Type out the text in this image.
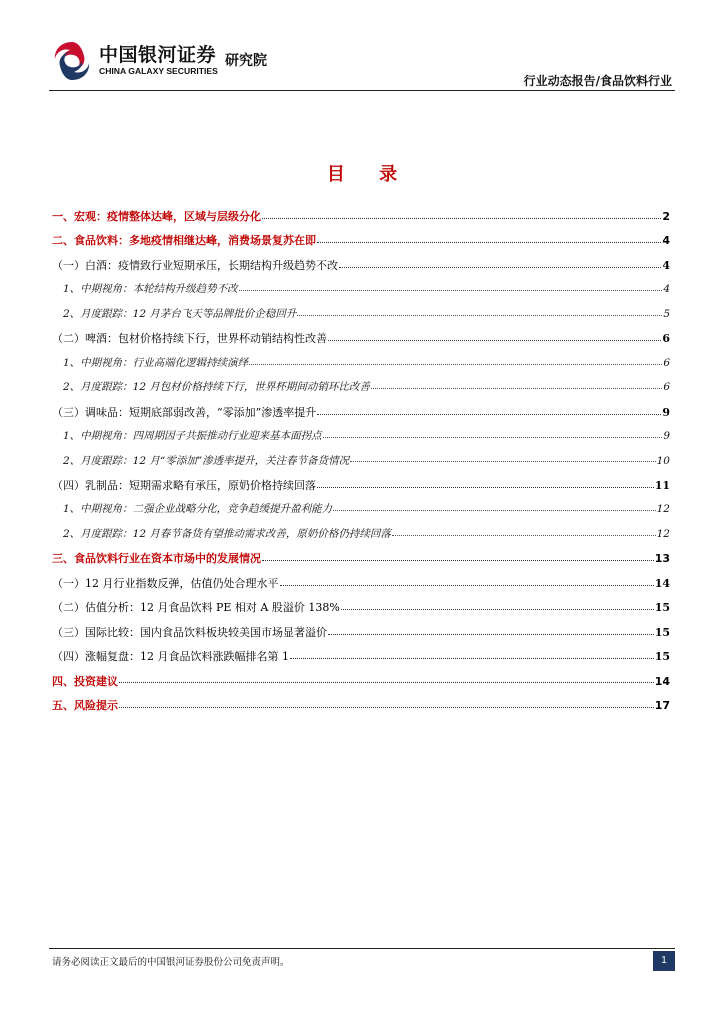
中国银河证券
CHINA GALAXY SECURITIES
研究院
行业动态报告/食品饮料行业
目 录
一、宏观：疫情整体达峰，区域与层级分化	2
二、食品饮料：多地疫情相继达峰，消费场景复苏在即	4
（一）白酒：疫情致行业短期承压，长期结构升级趋势不改	4
1、中期视角：本轮结构升级趋势不改	4
2、月度跟踪：12 月茅台飞天等品牌批价企稳回升	5
（二）啤酒：包材价格持续下行，世界杯动销结构性改善	6
1、中期视角：行业高端化逻辑持续演绎	6
2、月度跟踪：12 月包材价格持续下行，世界杯期间动销环比改善	6
（三）调味品：短期底部弱改善，“零添加”渗透率提升	9
1、中期视角：四周期因子共振推动行业迎来基本面拐点	9
2、月度跟踪：12 月“零添加”渗透率提升，关注春节备货情况	10
（四）乳制品：短期需求略有承压，原奶价格持续回落	11
1、中期视角：二强企业战略分化，竞争趋缓提升盈利能力	12
2、月度跟踪：12 月春节备货有望推动需求改善，原奶价格仍持续回落	12
三、食品饮料行业在资本市场中的发展情况	13
（一）12 月行业指数反弹，估值仍处合理水平	14
（二）估值分析：12 月食品饮料 PE 相对 A 股溢价 138%	15
（三）国际比较：国内食品饮料板块较美国市场显著溢价	15
（四）涨幅复盘：12 月食品饮料涨跌幅排名第 1	15
四、投资建议	14
五、风险提示	17
请务必阅读正文最后的中国银河证券股份公司免责声明。	1
